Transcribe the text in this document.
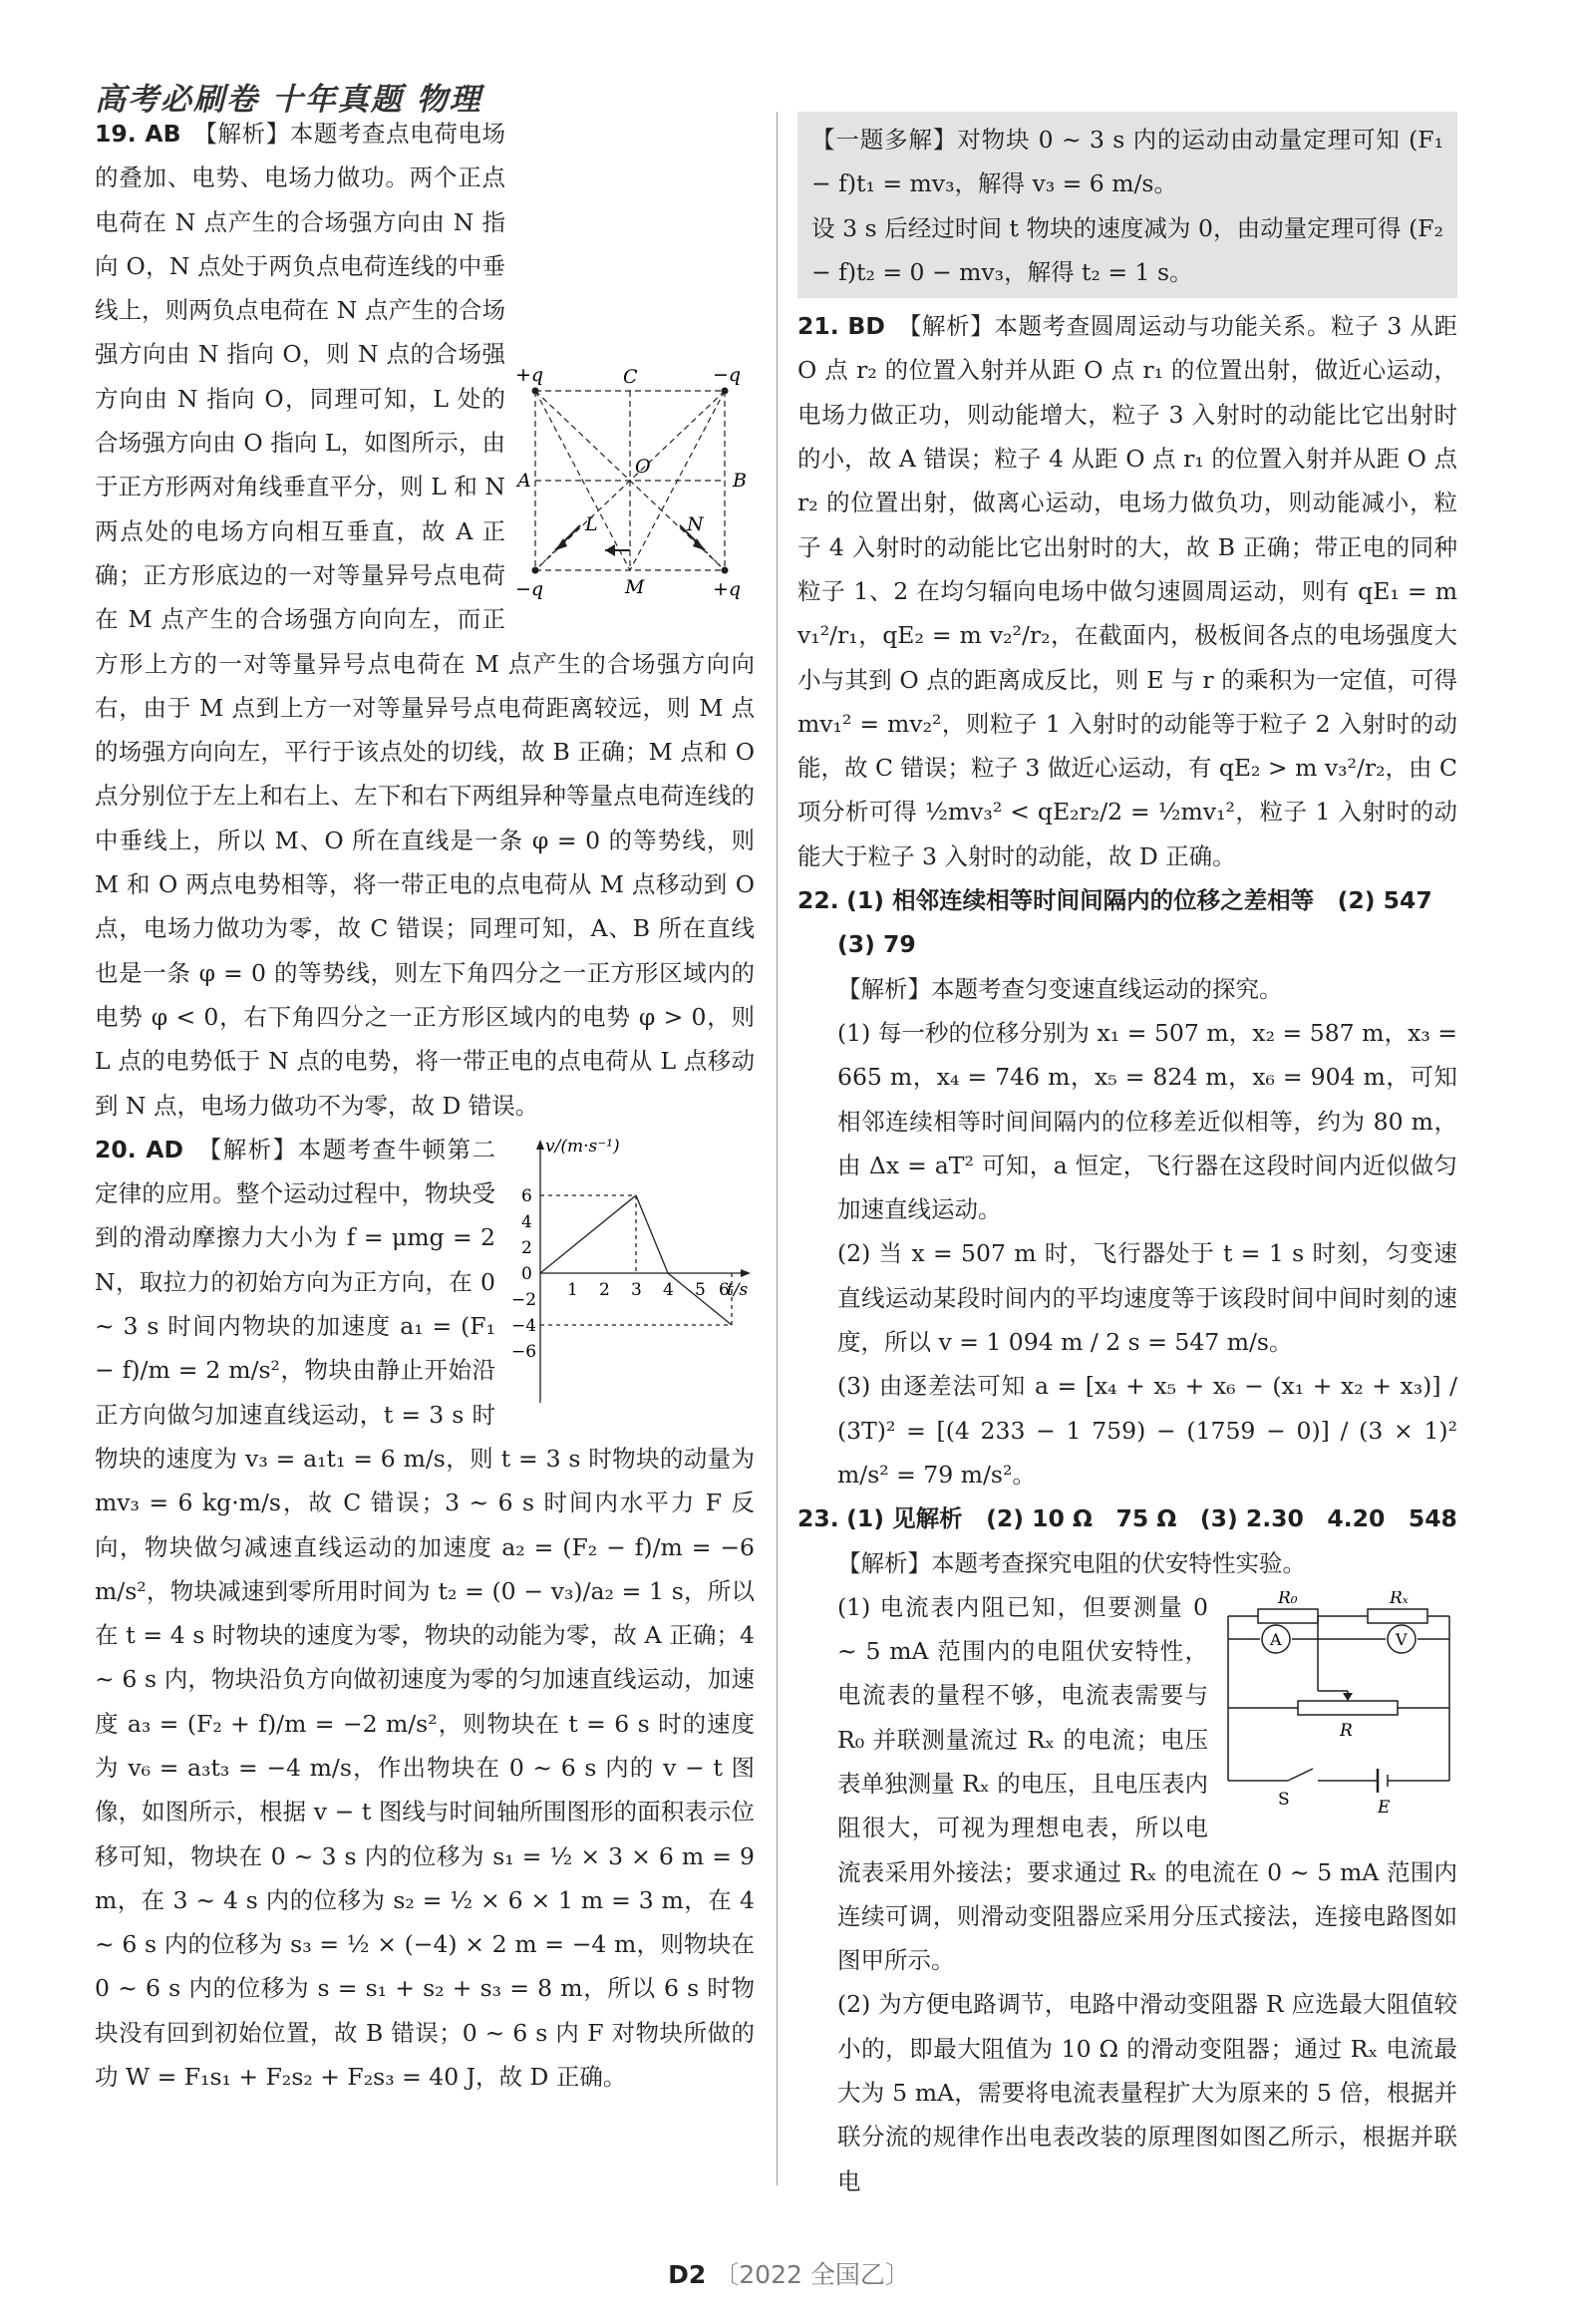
高考必刷卷 十年真题 物理
+q	−q
−q	+q
C
A	B
O
L	N
M

19. AB　 【解析】本题考查点电荷电场的叠加、电势、电场力做功。两个正点电荷在 N 点产生的合场强方向由 N 指向 O，N 点处于两负点电荷连线的中垂线上，则两负点电荷在 N 点产生的合场强方向由 N 指向 O，则 N 点的合场强方向由 N 指向 O，同理可知，L 处的合场强方向由 O 指向 L，如图所示，由于正方形两对角线垂直平分，则 L 和 N 两点处的电场方向相互垂直，故 A 正确；正方形底边的一对等量异号点电荷在 M 点产生的合场强方向向左，而正方形上方的一对等量异号点电荷在 M 点产生的合场强方向向右，由于 M 点到上方一对等量异号点电荷距离较远，则 M 点的场强方向向左，平行于该点处的切线，故 B 正确；M 点和 O 点分别位于左上和右上、左下和右下两组异种等量点电荷连线的中垂线上，所以 M、O 所在直线是一条 φ = 0 的等势线，则 M 和 O 两点电势相等，将一带正电的点电荷从 M 点移动到 O 点，电场力做功为零，故 C 错误；同理可知，A、B 所在直线也是一条 φ = 0 的等势线，则左下角四分之一正方形区域内的电势 φ < 0，右下角四分之一正方形区域内的电势 φ > 0，则 L 点的电势低于 N 点的电势，将一带正电的点电荷从 L 点移动到 N 点，电场力做功不为零，故 D 错误。

v/(m·s⁻¹)
t/s
6
4
2
0
−2
−4
−6
1 2 3 4 5 6

20. AD　 【解析】本题考查牛顿第二定律的应用。整个运动过程中，物块受到的滑动摩擦力大小为 f = μmg = 2 N，取拉力的初始方向为正方向，在 0 ~ 3 s 时间内物块的加速度 a₁ = (F₁ − f)/m = 2 m/s²，物块由静止开始沿正方向做匀加速直线运动，t = 3 s 时物块的速度为 v₃ = a₁t₁ = 6 m/s，则 t = 3 s 时物块的动量为 mv₃ = 6 kg·m/s，故 C 错误；3 ~ 6 s 时间内水平力 F 反向，物块做匀减速直线运动的加速度 a₂ = (F₂ − f)/m = −6 m/s²，物块减速到零所用时间为 t₂ = (0 − v₃)/a₂ = 1 s，所以在 t = 4 s 时物块的速度为零，物块的动能为零，故 A 正确；4 ~ 6 s 内，物块沿负方向做初速度为零的匀加速直线运动，加速度 a₃ = (F₂ + f)/m = −2 m/s²，则物块在 t = 6 s 时的速度为 v₆ = a₃t₃ = −4 m/s，作出物块在 0 ~ 6 s 内的 v − t 图像，如图所示，根据 v − t 图线与时间轴所围图形的面积表示位移可知，物块在 0 ~ 3 s 内的位移为 s₁ = ½ × 3 × 6 m = 9 m，在 3 ~ 4 s 内的位移为 s₂ = ½ × 6 × 1 m = 3 m，在 4 ~ 6 s 内的位移为 s₃ = ½ × (−4) × 2 m = −4 m，则物块在 0 ~ 6 s 内的位移为 s = s₁ + s₂ + s₃ = 8 m，所以 6 s 时物块没有回到初始位置，故 B 错误；0 ~ 6 s 内 F 对物块所做的功 W = F₁s₁ + F₂s₂ + F₂s₃ = 40 J，故 D 正确。

【一题多解】对物块 0 ~ 3 s 内的运动由动量定理可知 (F₁ − f)t₁ = mv₃，解得 v₃ = 6 m/s。

设 3 s 后经过时间 t 物块的速度减为 0，由动量定理可得 (F₂ − f)t₂ = 0 − mv₃，解得 t₂ = 1 s。

21. BD　 【解析】本题考查圆周运动与功能关系。粒子 3 从距 O 点 r₂ 的位置入射并从距 O 点 r₁ 的位置出射，做近心运动，电场力做正功，则动能增大，粒子 3 入射时的动能比它出射时的小，故 A 错误；粒子 4 从距 O 点 r₁ 的位置入射并从距 O 点 r₂ 的位置出射，做离心运动，电场力做负功，则动能减小，粒子 4 入射时的动能比它出射时的大，故 B 正确；带正电的同种粒子 1、2 在均匀辐向电场中做匀速圆周运动，则有 qE₁ = m v₁²/r₁，qE₂ = m v₂²/r₂，在截面内，极板间各点的电场强度大小与其到 O 点的距离成反比，则 E 与 r 的乘积为一定值，可得 mv₁² = mv₂²，则粒子 1 入射时的动能等于粒子 2 入射时的动能，故 C 错误；粒子 3 做近心运动，有 qE₂ > m v₃²/r₂，由 C 项分析可得 ½mv₃² < qE₂r₂/2 = ½mv₁²，粒子 1 入射时的动能大于粒子 3 入射时的动能，故 D 正确。

22. (1) 相邻连续相等时间间隔内的位移之差相等　(2) 547

(3) 79

【解析】本题考查匀变速直线运动的探究。

(1) 每一秒的位移分别为 x₁ = 507 m，x₂ = 587 m，x₃ = 665 m，x₄ = 746 m，x₅ = 824 m，x₆ = 904 m，可知相邻连续相等时间间隔内的位移差近似相等，约为 80 m，由 Δx = aT² 可知，a 恒定，飞行器在这段时间内近似做匀加速直线运动。

(2) 当 x = 507 m 时，飞行器处于 t = 1 s 时刻，匀变速直线运动某段时间内的平均速度等于该段时间中间时刻的速度，所以 v = 1 094 m / 2 s = 547 m/s。

(3) 由逐差法可知 a = [x₄ + x₅ + x₆ − (x₁ + x₂ + x₃)] / (3T)² = [(4 233 − 1 759) − (1759 − 0)] / (3 × 1)² m/s² = 79 m/s²。

23. (1) 见解析　(2) 10 Ω　75 Ω　(3) 2.30　4.20　548

【解析】本题考查探究电阻的伏安特性实验。

R₀	Rₓ
A	V
R
S	E

(1) 电流表内阻已知，但要测量 0 ~ 5 mA 范围内的电阻伏安特性，电流表的量程不够，电流表需要与 R₀ 并联测量流过 Rₓ 的电流；电压表单独测量 Rₓ 的电压，且电压表内阻很大，可视为理想电表，所以电流表采用外接法；要求通过 Rₓ 的电流在 0 ~ 5 mA 范围内连续可调，则滑动变阻器应采用分压式接法，连接电路图如图甲所示。

(2) 为方便电路调节，电路中滑动变阻器 R 应选最大阻值较小的，即最大阻值为 10 Ω 的滑动变阻器；通过 Rₓ 电流最大为 5 mA，需要将电流表量程扩大为原来的 5 倍，根据并联分流的规律作出电表改装的原理图如图乙所示，根据并联电

D2 〔2022 全国乙〕
